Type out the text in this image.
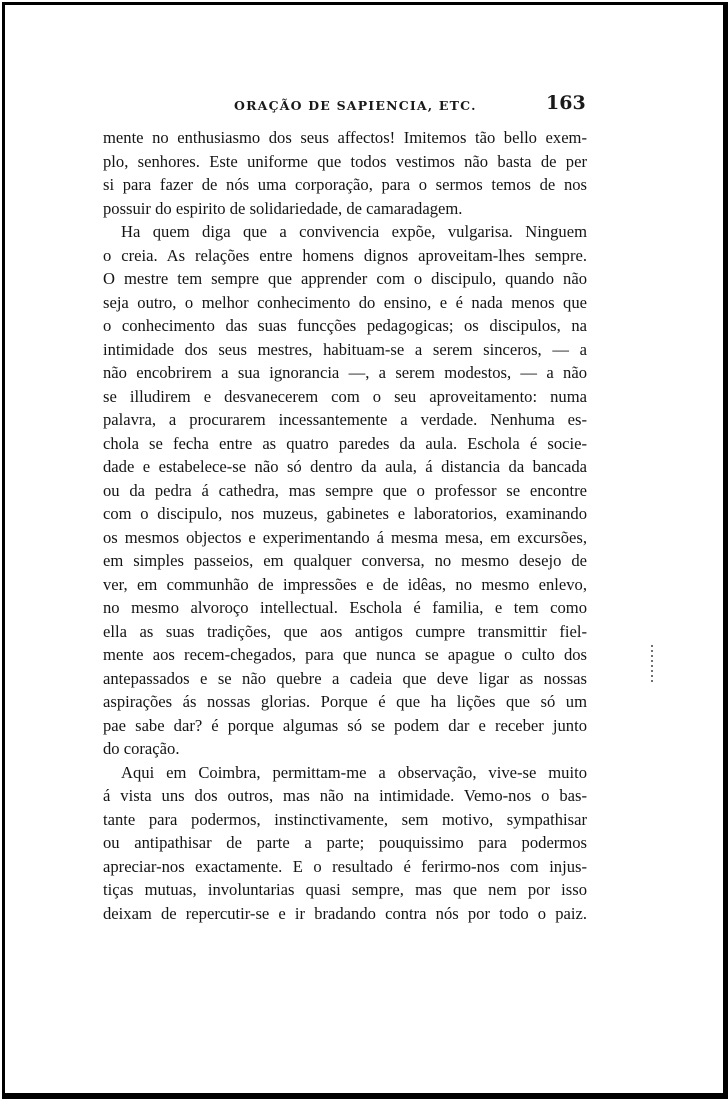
ORAÇÃO DE SAPIENCIA, ETC.	163
mente no enthusiasmo dos seus affectos! Imitemos tão bello exem-
plo, senhores. Este uniforme que todos vestimos não basta de per
si para fazer de nós uma corporação, para o sermos temos de nos
possuir do espirito de solidariedade, de camaradagem.
Ha quem diga que a convivencia expõe, vulgarisa. Ninguem
o creia. As relações entre homens dignos aproveitam-lhes sempre.
O mestre tem sempre que apprender com o discipulo, quando não
seja outro, o melhor conhecimento do ensino, e é nada menos que
o conhecimento das suas funcções pedagogicas; os discipulos, na
intimidade dos seus mestres, habituam-se a serem sinceros, — a
não encobrirem a sua ignorancia —, a serem modestos, — a não
se illudirem e desvanecerem com o seu aproveitamento: numa
palavra, a procurarem incessantemente a verdade. Nenhuma es-
chola se fecha entre as quatro paredes da aula. Eschola é socie-
dade e estabelece-se não só dentro da aula, á distancia da bancada
ou da pedra á cathedra, mas sempre que o professor se encontre
com o discipulo, nos muzeus, gabinetes e laboratorios, examinando
os mesmos objectos e experimentando á mesma mesa, em excursões,
em simples passeios, em qualquer conversa, no mesmo desejo de
ver, em communhão de impressões e de idêas, no mesmo enlevo,
no mesmo alvoroço intellectual. Eschola é familia, e tem como
ella as suas tradições, que aos antigos cumpre transmittir fiel-
mente aos recem-chegados, para que nunca se apague o culto dos
antepassados e se não quebre a cadeia que deve ligar as nossas
aspirações ás nossas glorias. Porque é que ha lições que só um
pae sabe dar? é porque algumas só se podem dar e receber junto
do coração.
Aqui em Coimbra, permittam-me a observação, vive-se muito
á vista uns dos outros, mas não na intimidade. Vemo-nos o bas-
tante para podermos, instinctivamente, sem motivo, sympathisar
ou antipathisar de parte a parte; pouquissimo para podermos
apreciar-nos exactamente. E o resultado é ferirmo-nos com injus-
tiças mutuas, involuntarias quasi sempre, mas que nem por isso
deixam de repercutir-se e ir bradando contra nós por todo o paiz.
